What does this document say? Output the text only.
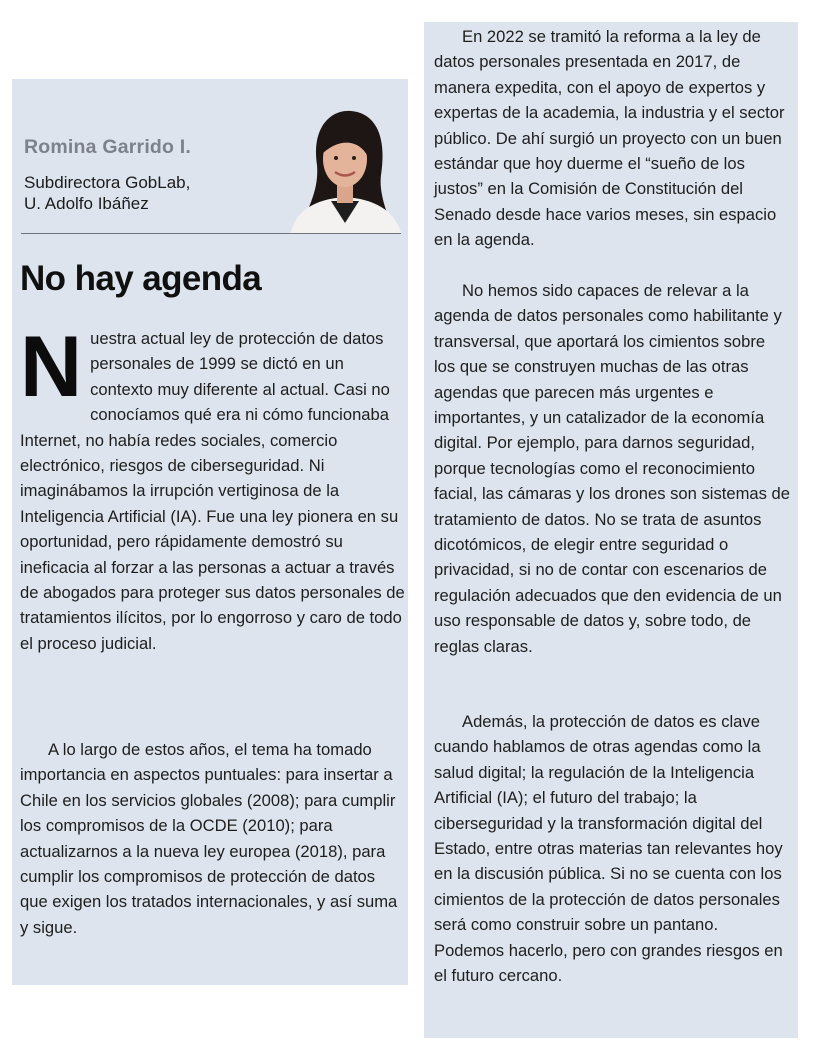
Romina Garrido I.
Subdirectora GobLab,
U. Adolfo Ibáñez
No hay agenda
N uestra actual ley de protección de datos personales de 1999 se dictó en un contexto muy diferente al actual. Casi no conocíamos qué era ni cómo funcionaba Internet, no había redes sociales, comercio electrónico, riesgos de ciberseguridad. Ni imaginábamos la irrupción vertiginosa de la Inteligencia Artificial (IA). Fue una ley pionera en su oportunidad, pero rápidamente demostró su ineficacia al forzar a las personas a actuar a través de abogados para proteger sus datos personales de tratamientos ilícitos, por lo engorroso y caro de todo el proceso judicial.

A lo largo de estos años, el tema ha tomado importancia en aspectos puntuales: para insertar a Chile en los servicios globales (2008); para cumplir los compromisos de la OCDE (2010); para actualizarnos a la nueva ley europea (2018), para cumplir los compromisos de protección de datos que exigen los tratados internacionales, y así suma y sigue.

En 2022 se tramitó la reforma a la ley de datos personales presentada en 2017, de manera expedita, con el apoyo de expertos y expertas de la academia, la industria y el sector público. De ahí surgió un proyecto con un buen estándar que hoy duerme el “sueño de los justos” en la Comisión de Constitución del Senado desde hace varios meses, sin espacio en la agenda.

No hemos sido capaces de relevar a la agenda de datos personales como habilitante y transversal, que aportará los cimientos sobre los que se construyen muchas de las otras agendas que parecen más urgentes e importantes, y un catalizador de la economía digital. Por ejemplo, para darnos seguridad, porque tecnologías como el reconocimiento facial, las cámaras y los drones son sistemas de tratamiento de datos. No se trata de asuntos dicotómicos, de elegir entre seguridad o privacidad, si no de contar con escenarios de regulación adecuados que den evidencia de un uso responsable de datos y, sobre todo, de reglas claras.

Además, la protección de datos es clave cuando hablamos de otras agendas como la salud digital; la regulación de la Inteligencia Artificial (IA); el futuro del trabajo; la ciberseguridad y la transformación digital del Estado, entre otras materias tan relevantes hoy en la discusión pública. Si no se cuenta con los cimientos de la protección de datos personales será como construir sobre un pantano. Podemos hacerlo, pero con grandes riesgos en el futuro cercano.
